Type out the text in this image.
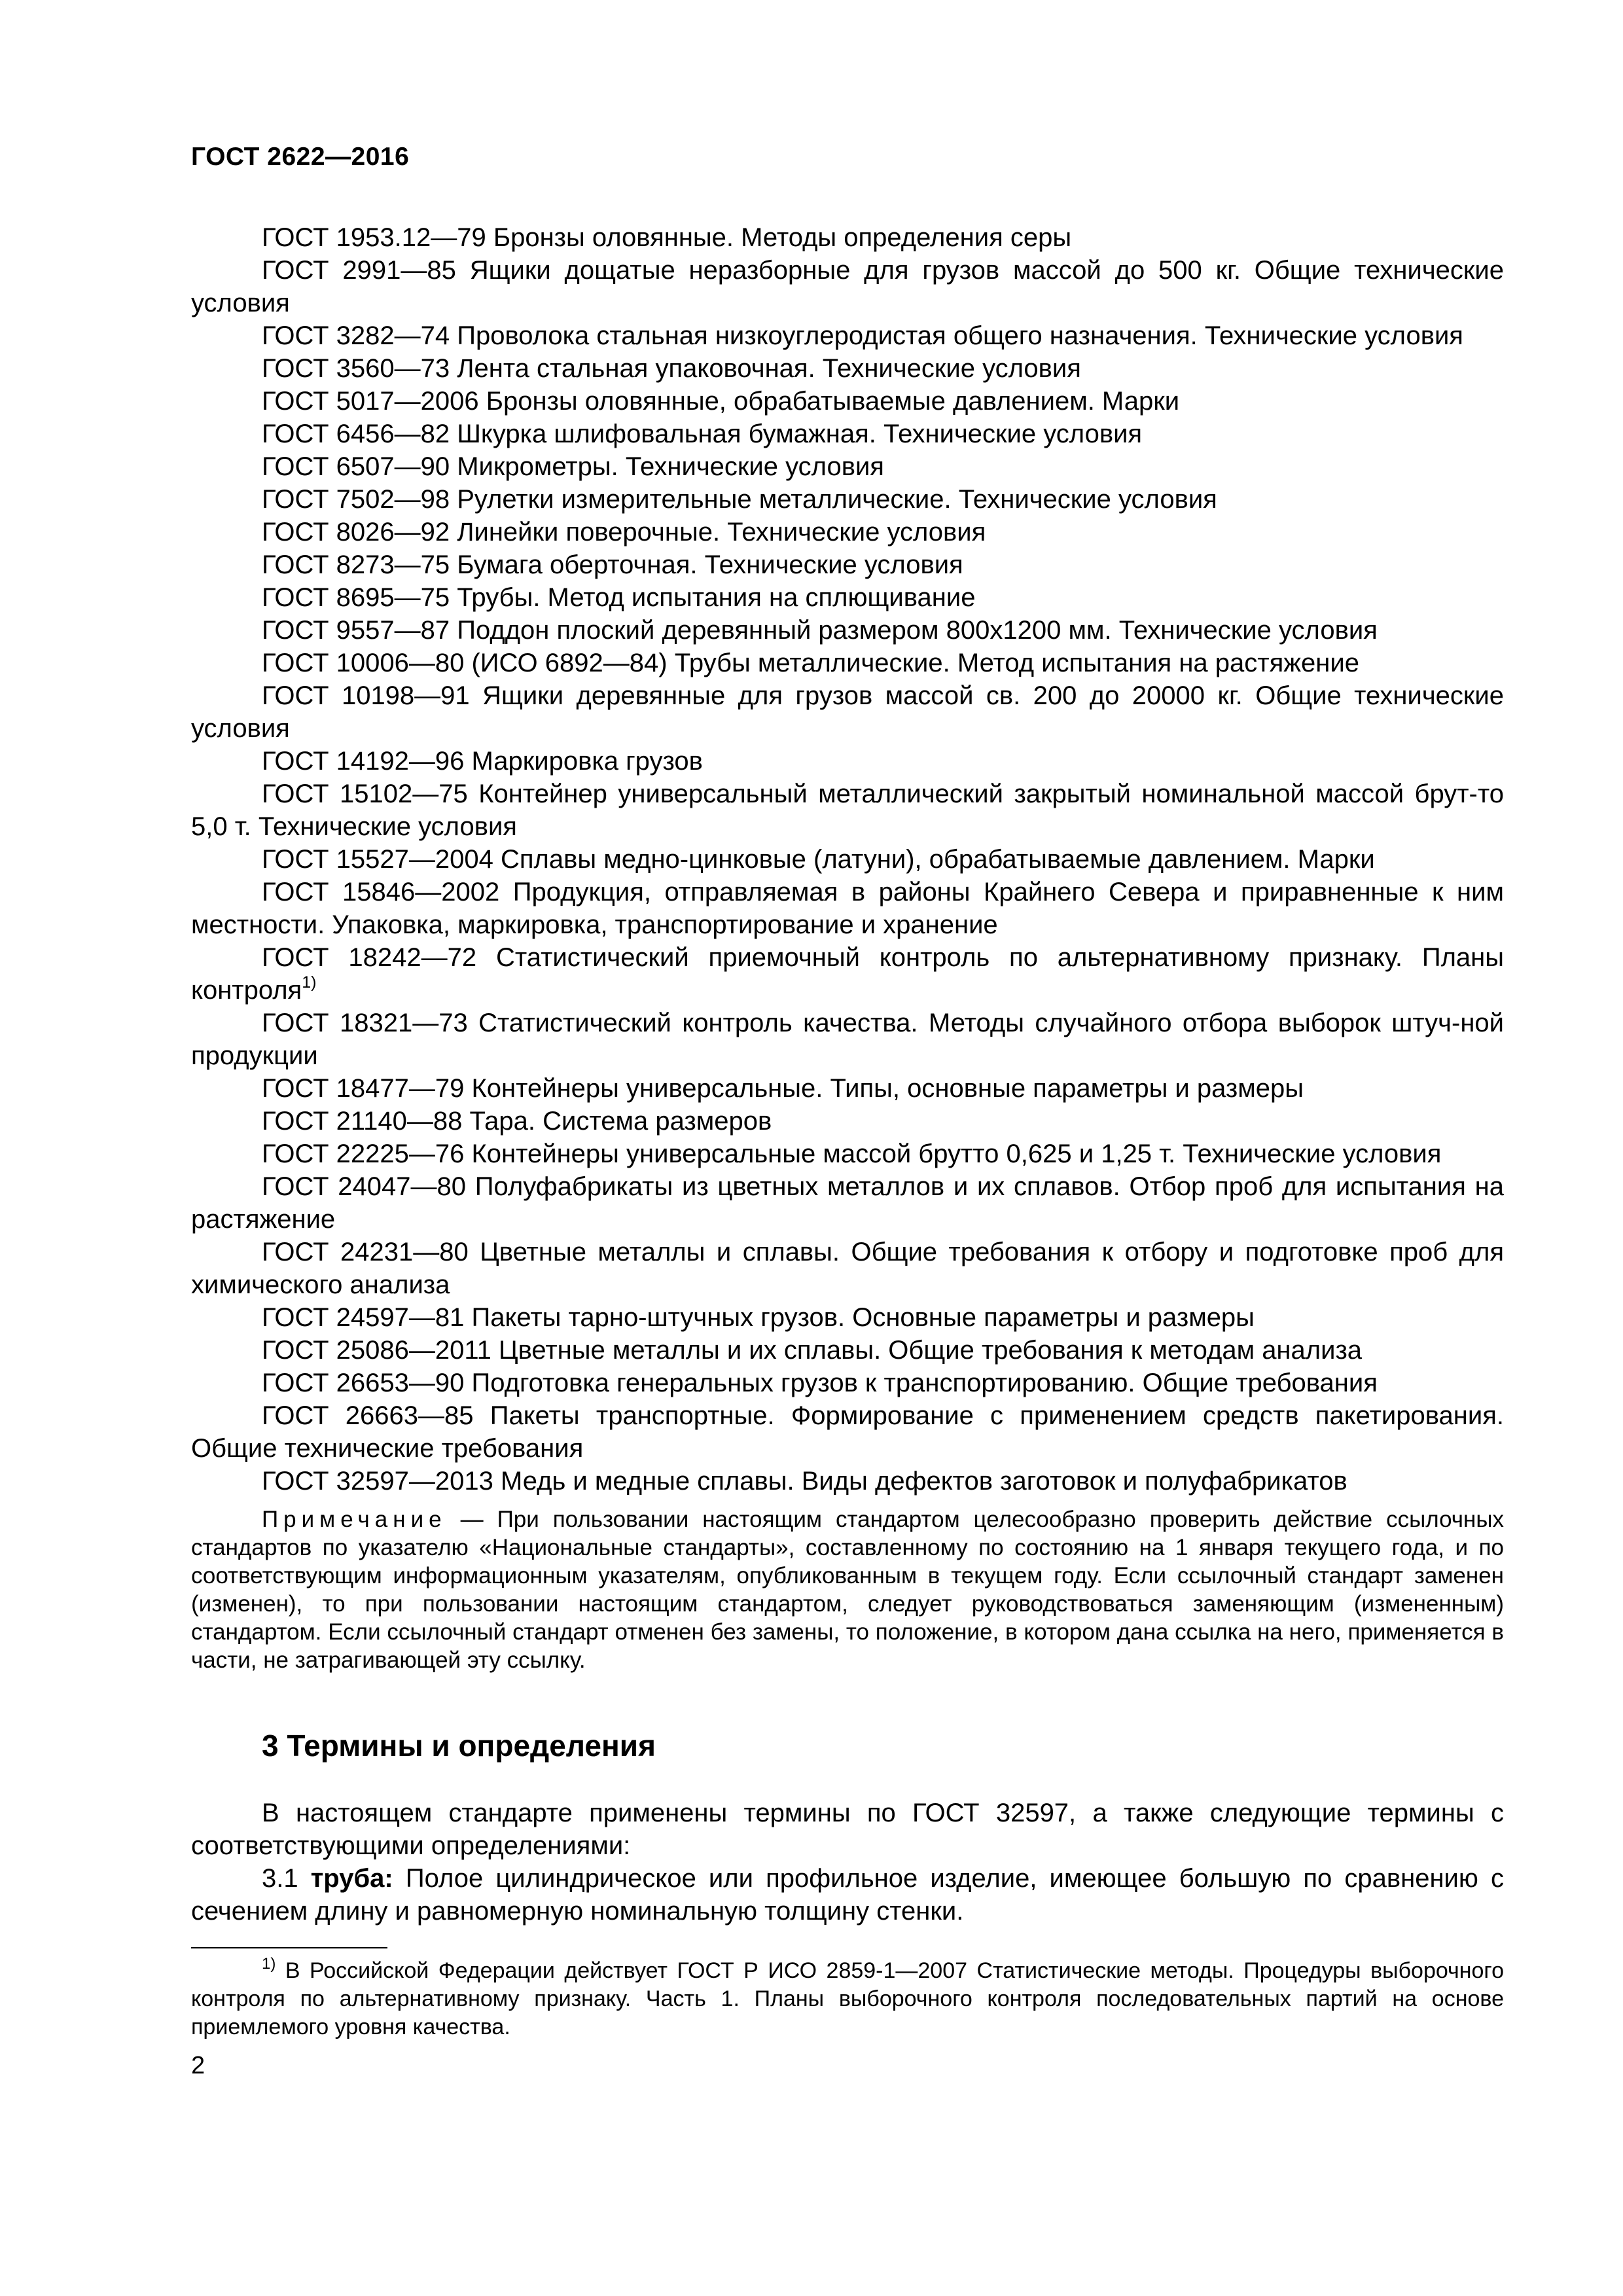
ГОСТ 2622—2016

ГОСТ 1953.12—79 Бронзы оловянные. Методы определения серы

ГОСТ 2991—85 Ящики дощатые неразборные для грузов массой до 500 кг. Общие технические условия

ГОСТ 3282—74 Проволока стальная низкоуглеродистая общего назначения. Технические условия

ГОСТ 3560—73 Лента стальная упаковочная. Технические условия

ГОСТ 5017—2006 Бронзы оловянные, обрабатываемые давлением. Марки

ГОСТ 6456—82 Шкурка шлифовальная бумажная. Технические условия

ГОСТ 6507—90 Микрометры. Технические условия

ГОСТ 7502—98 Рулетки измерительные металлические. Технические условия

ГОСТ 8026—92 Линейки поверочные. Технические условия

ГОСТ 8273—75 Бумага оберточная. Технические условия

ГОСТ 8695—75 Трубы. Метод испытания на сплющивание

ГОСТ 9557—87 Поддон плоский деревянный размером 800x1200 мм. Технические условия

ГОСТ 10006—80 (ИСО 6892—84) Трубы металлические. Метод испытания на растяжение

ГОСТ 10198—91 Ящики деревянные для грузов массой св. 200 до 20000 кг. Общие технические условия

ГОСТ 14192—96 Маркировка грузов

ГОСТ 15102—75 Контейнер универсальный металлический закрытый номинальной массой брут-то 5,0 т. Технические условия

ГОСТ 15527—2004 Сплавы медно-цинковые (латуни), обрабатываемые давлением. Марки

ГОСТ 15846—2002 Продукция, отправляемая в районы Крайнего Севера и приравненные к ним местности. Упаковка, маркировка, транспортирование и хранение

ГОСТ 18242—72 Статистический приемочный контроль по альтернативному признаку. Планы контроля$^{1)}$

ГОСТ 18321—73 Статистический контроль качества. Методы случайного отбора выборок штуч-ной продукции

ГОСТ 18477—79 Контейнеры универсальные. Типы, основные параметры и размеры

ГОСТ 21140—88 Тара. Система размеров

ГОСТ 22225—76 Контейнеры универсальные массой брутто 0,625 и 1,25 т. Технические условия

ГОСТ 24047—80 Полуфабрикаты из цветных металлов и их сплавов. Отбор проб для испытания на растяжение

ГОСТ 24231—80 Цветные металлы и сплавы. Общие требования к отбору и подготовке проб для химического анализа

ГОСТ 24597—81 Пакеты тарно-штучных грузов. Основные параметры и размеры

ГОСТ 25086—2011 Цветные металлы и их сплавы. Общие требования к методам анализа

ГОСТ 26653—90 Подготовка генеральных грузов к транспортированию. Общие требования

ГОСТ 26663—85 Пакеты транспортные. Формирование с применением средств пакетирования. Общие технические требования

ГОСТ 32597—2013 Медь и медные сплавы. Виды дефектов заготовок и полуфабрикатов

Примечание — При пользовании настоящим стандартом целесообразно проверить действие ссылочных стандартов по указателю «Национальные стандарты», составленному по состоянию на 1 января текущего года, и по соответствующим информационным указателям, опубликованным в текущем году. Если ссылочный стандарт заменен (изменен), то при пользовании настоящим стандартом, следует руководствоваться заменяющим (измененным) стандартом. Если ссылочный стандарт отменен без замены, то положение, в котором дана ссылка на него, применяется в части, не затрагивающей эту ссылку.
3 Термины и определения

В настоящем стандарте применены термины по ГОСТ 32597, а также следующие термины с соответствующими определениями:

3.1 труба: Полое цилиндрическое или профильное изделие, имеющее большую по сравнению с сечением длину и равномерную номинальную толщину стенки.

$^{1)}$ В Российской Федерации действует ГОСТ Р ИСО 2859-1—2007 Статистические методы. Процедуры выборочного контроля по альтернативному признаку. Часть 1. Планы выборочного контроля последовательных партий на основе приемлемого уровня качества.
2
